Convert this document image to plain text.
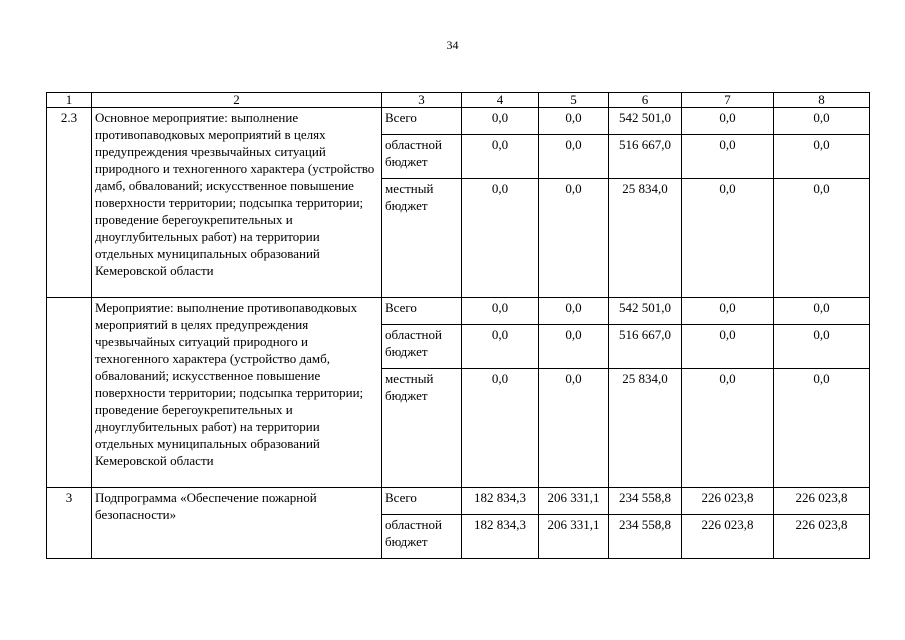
34
1	2	3	4	5	6	7	8
2.3	Основное мероприятие: выполнение противопаводковых мероприятий в целях предупреждения чрезвычайных ситуаций природного и техногенного характера (устройство дамб, обвалований; искусственное повышение поверхности территории; подсыпка территории; проведение берегоукрепительных и дноуглубительных работ) на территории отдельных муниципальных образований Кемеровской области	Всего	0,0	0,0	542 501,0	0,0	0,0
		областной бюджет	0,0	0,0	516 667,0	0,0	0,0
		местный бюджет	0,0	0,0	25 834,0	0,0	0,0
	Мероприятие: выполнение противопаводковых мероприятий в целях предупреждения чрезвычайных ситуаций природного и техногенного характера (устройство дамб, обвалований; искусственное повышение поверхности территории; подсыпка территории; проведение берегоукрепительных и дноуглубительных работ) на территории отдельных муниципальных образований Кемеровской области	Всего	0,0	0,0	542 501,0	0,0	0,0
		областной бюджет	0,0	0,0	516 667,0	0,0	0,0
		местный бюджет	0,0	0,0	25 834,0	0,0	0,0
3	Подпрограмма «Обеспечение пожарной безопасности»	Всего	182 834,3	206 331,1	234 558,8	226 023,8	226 023,8
		областной бюджет	182 834,3	206 331,1	234 558,8	226 023,8	226 023,8
